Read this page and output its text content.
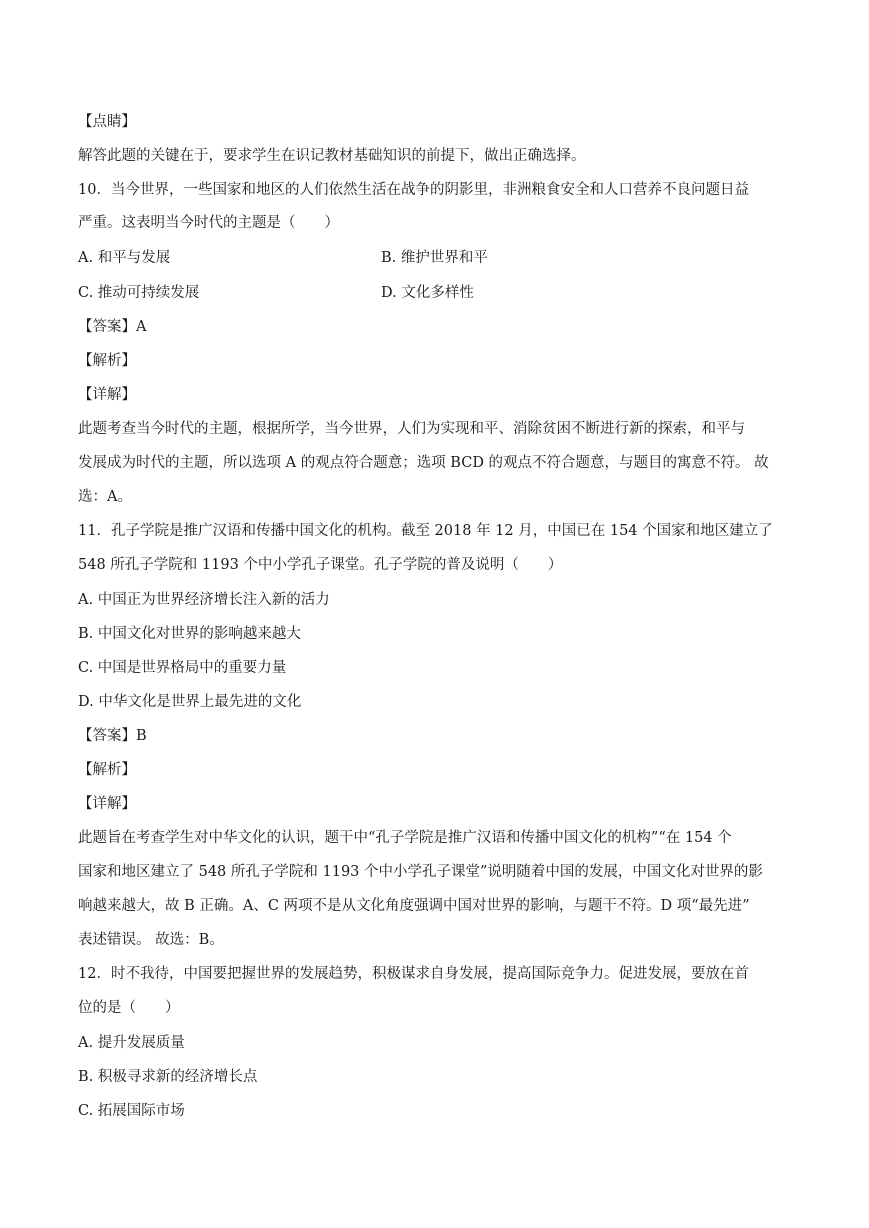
【点睛】
解答此题的关键在于，要求学生在识记教材基础知识的前提下，做出正确选择。
10．当今世界，一些国家和地区的人们依然生活在战争的阴影里，非洲粮食安全和人口营养不良问题日益
严重。这表明当今时代的主题是（　　）
A. 和平与发展	B. 维护世界和平
C. 推动可持续发展	D. 文化多样性
【答案】A
【解析】
【详解】
此题考查当今时代的主题，根据所学，当今世界，人们为实现和平、消除贫困不断进行新的探索，和平与
发展成为时代的主题，所以选项 A 的观点符合题意；选项 BCD 的观点不符合题意，与题目的寓意不符。 故
选：A。
11．孔子学院是推广汉语和传播中国文化的机构。截至 2018 年 12 月，中国已在 154 个国家和地区建立了
548 所孔子学院和 1193 个中小学孔子课堂。孔子学院的普及说明（　　）
A. 中国正为世界经济增长注入新的活力
B. 中国文化对世界的影响越来越大
C. 中国是世界格局中的重要力量
D. 中华文化是世界上最先进的文化
【答案】B
【解析】
【详解】
此题旨在考查学生对中华文化的认识，题干中“孔子学院是推广汉语和传播中国文化的机构”“在 154 个
国家和地区建立了 548 所孔子学院和 1193 个中小学孔子课堂”说明随着中国的发展，中国文化对世界的影
响越来越大，故 B 正确。A、C 两项不是从文化角度强调中国对世界的影响，与题干不符。D 项“最先进”
表述错误。 故选：B。
12．时不我待，中国要把握世界的发展趋势，积极谋求自身发展，提高国际竞争力。促进发展，要放在首
位的是（　　）
A. 提升发展质量
B. 积极寻求新的经济增长点
C. 拓展国际市场
